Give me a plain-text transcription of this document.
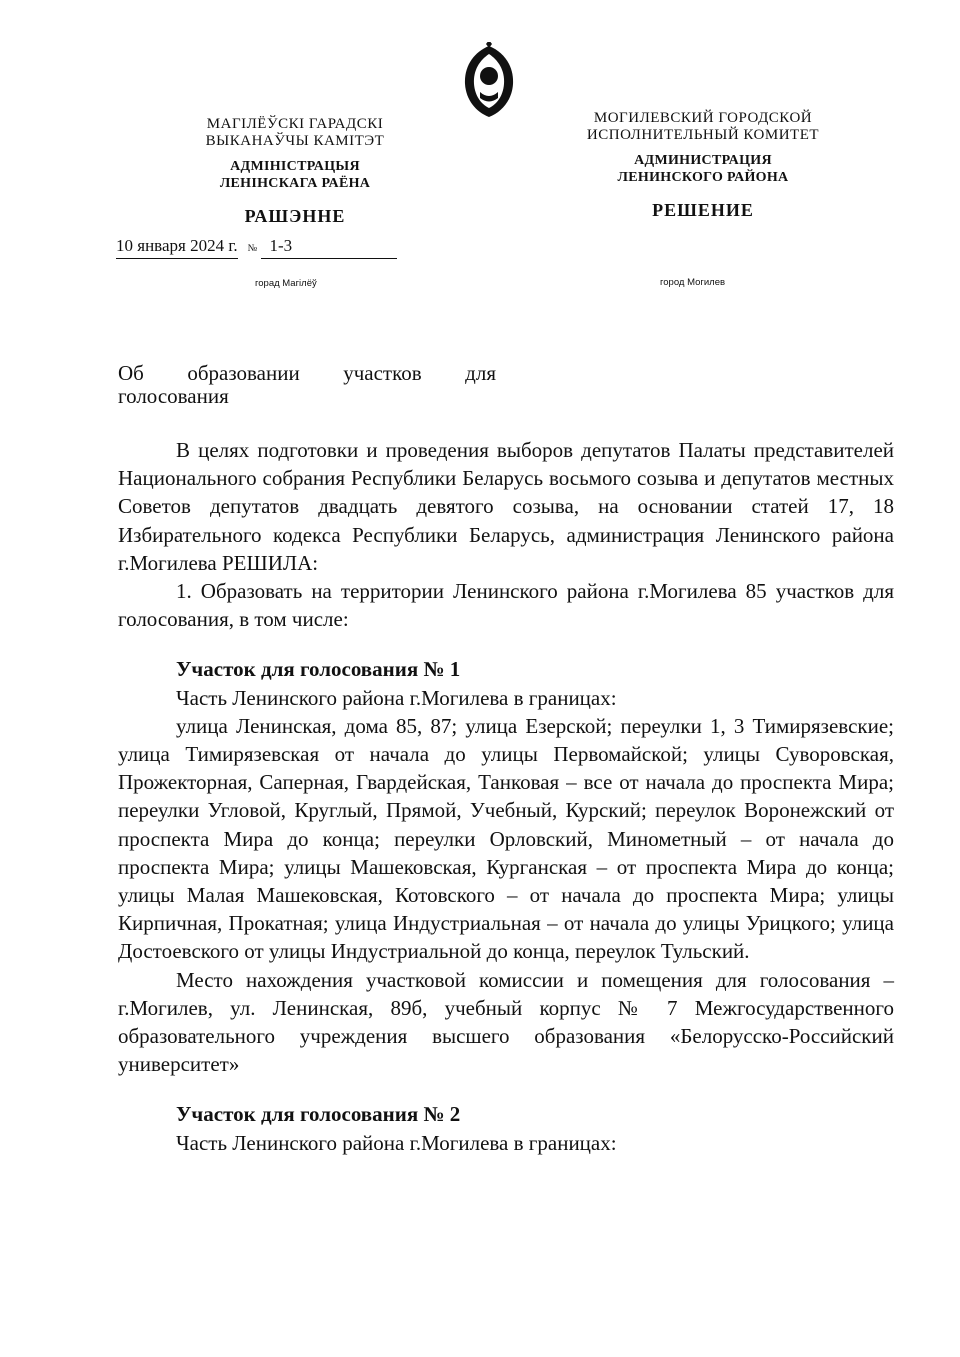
МАГІЛЁЎСКІ ГАРАДСКІ
ВЫКАНАЎЧЫ КАМІТЭТ
АДМІНІСТРАЦЫЯ
ЛЕНІНСКАГА РАЁНА
РАШЭННЕ
МОГИЛЕВСКИЙ ГОРОДСКОЙ
ИСПОЛНИТЕЛЬНЫЙ КОМИТЕТ
АДМИНИСТРАЦИЯ
ЛЕНИНСКОГО РАЙОНА
РЕШЕНИЕ
10 января 2024 г. № 1-3
горад Магілёў	город Могилев
Об образовании участков для
голосования

В целях подготовки и проведения выборов депутатов Палаты представителей Национального собрания Республики Беларусь восьмого созыва и депутатов местных Советов депутатов двадцать девятого созыва, на основании статей 17, 18 Избирательного кодекса Республики Беларусь, администрация Ленинского района г.Могилева РЕШИЛА:

1. Образовать на территории Ленинского района г.Могилева 85 участков для голосования, в том числе:

Участок для голосования № 1
Часть Ленинского района г.Могилева в границах:

улица Ленинская, дома 85, 87; улица Езерской; переулки 1, 3 Тимирязевские; улица Тимирязевская от начала до улицы Первомайской; улицы Суворовская, Прожекторная, Саперная, Гвардейская, Танковая – все от начала до проспекта Мира; переулки Угловой, Круглый, Прямой, Учебный, Курский; переулок Воронежский от проспекта Мира до конца; переулки Орловский, Минометный – от начала до проспекта Мира; улицы Машековская, Курганская – от проспекта Мира до конца; улицы Малая Машековская, Котовского – от начала до проспекта Мира; улицы Кирпичная, Прокатная; улица Индустриальная – от начала до улицы Урицкого; улица Достоевского от улицы Индустриальной до конца, переулок Тульский.

Место нахождения участковой комиссии и помещения для голосования – г.Могилев, ул. Ленинская, 89б, учебный корпус № 7 Межгосударственного образовательного учреждения высшего образования «Белорусско-Российский университет»

Участок для голосования № 2
Часть Ленинского района г.Могилева в границах:
